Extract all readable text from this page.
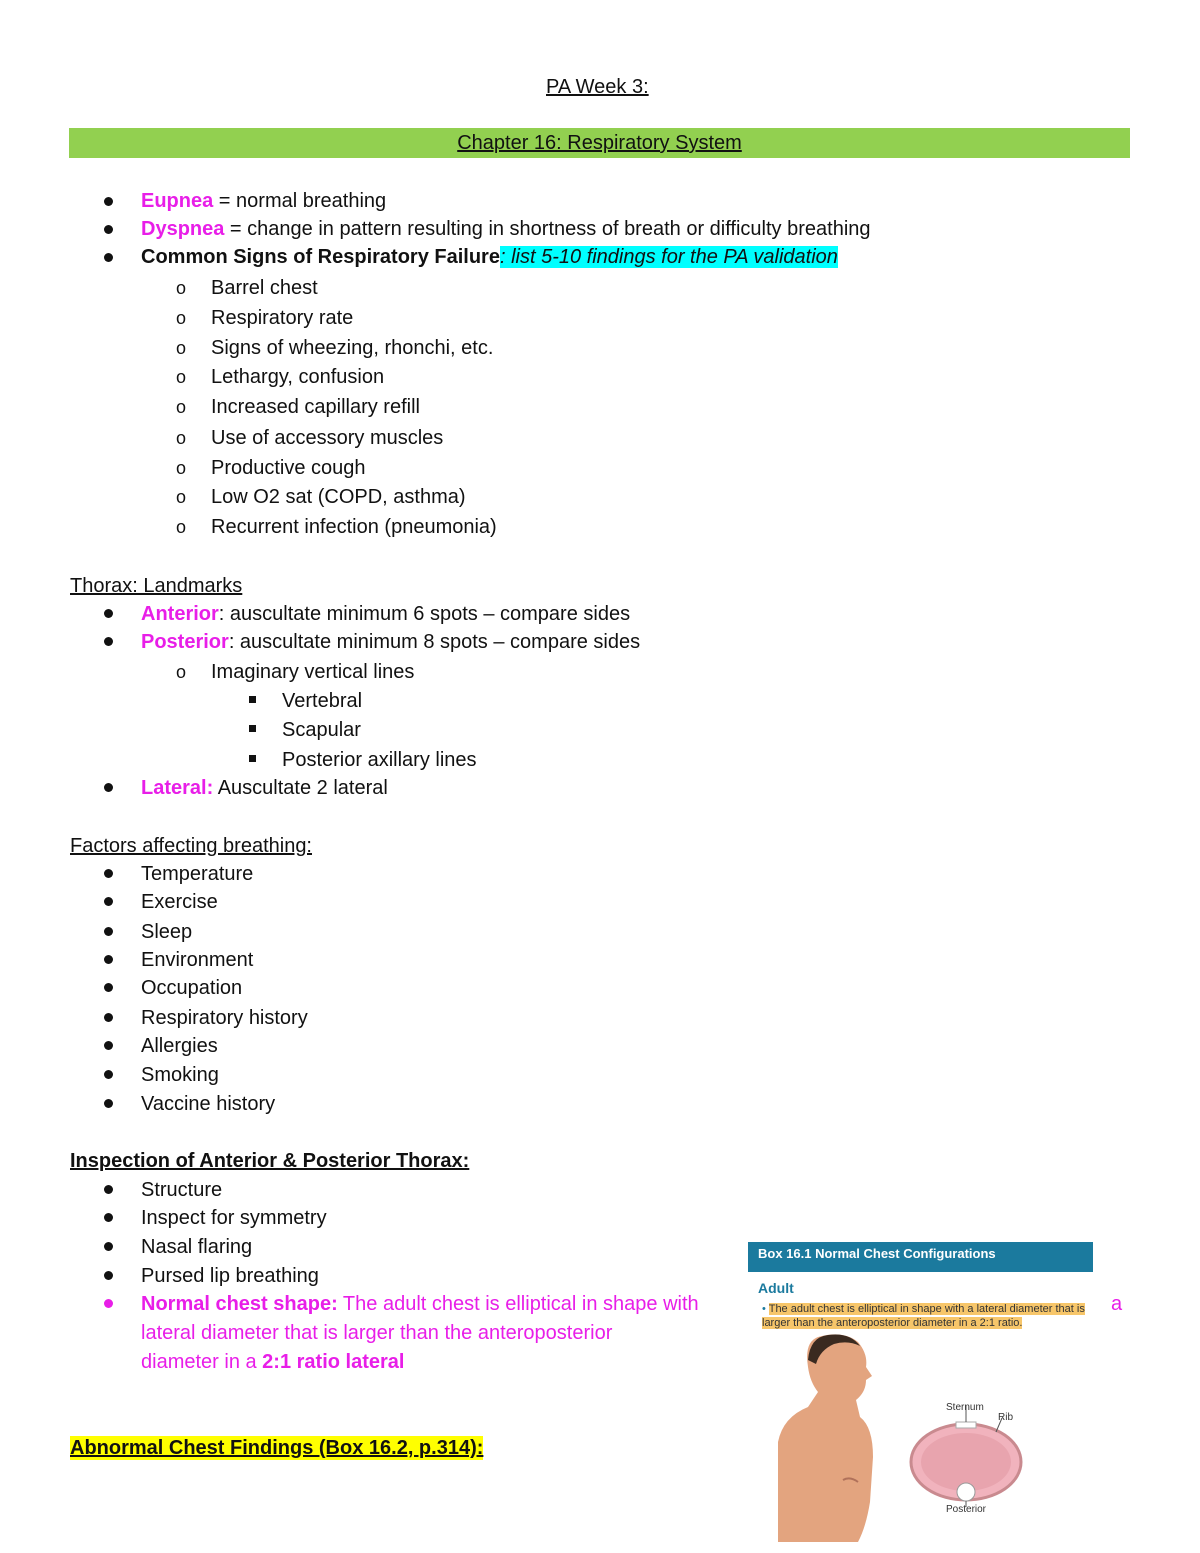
PA Week 3:
Chapter 16: Respiratory System
Eupnea = normal breathing
Dyspnea = change in pattern resulting in shortness of breath or difficulty breathing
Common Signs of Respiratory Failure: list 5-10 findings for the PA validation
o Barrel chest
o Respiratory rate
o Signs of wheezing, rhonchi, etc.
o Lethargy, confusion
o Increased capillary refill
o Use of accessory muscles
o Productive cough
o Low O2 sat (COPD, asthma)
o Recurrent infection (pneumonia)
Thorax: Landmarks
Anterior: auscultate minimum 6 spots – compare sides
Posterior: auscultate minimum 8 spots – compare sides
o Imaginary vertical lines
Vertebral
Scapular
Posterior axillary lines
Lateral: Auscultate 2 lateral
Factors affecting breathing:
Temperature
Exercise
Sleep
Environment
Occupation
Respiratory history
Allergies
Smoking
Vaccine history
Inspection of Anterior & Posterior Thorax:
Structure
Inspect for symmetry
Nasal flaring
Pursed lip breathing
Normal chest shape: The adult chest is elliptical in shape with	a
lateral diameter that is larger than the anteroposterior
diameter in a 2:1 ratio lateral
Abnormal Chest Findings (Box 16.2, p.314):
Box 16.1 Normal Chest Configurations
Adult
• The adult chest is elliptical in shape with a lateral diameter that is larger than the anteroposterior diameter in a 2:1 ratio.
Sternum
Rib
Posterior
